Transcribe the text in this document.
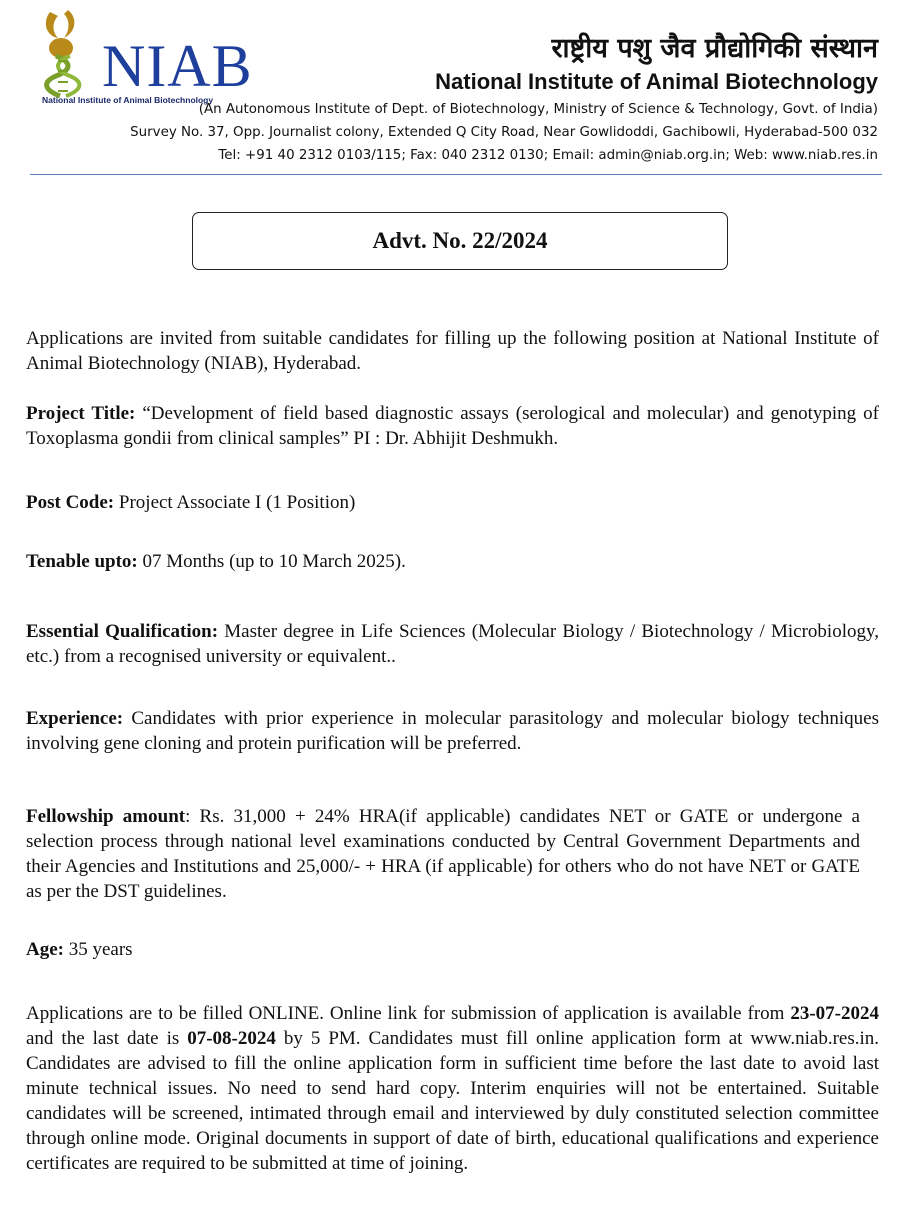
NIAB
National Institute of Animal Biotechnology
राष्ट्रीय पशु जैव प्रौद्योगिकी संस्थान
National Institute of Animal Biotechnology
(An Autonomous Institute of Dept. of Biotechnology, Ministry of Science & Technology, Govt. of India)
Survey No. 37, Opp. Journalist colony, Extended Q City Road, Near Gowlidoddi, Gachibowli, Hyderabad-500 032
Tel: +91 40 2312 0103/115; Fax: 040 2312 0130; Email: admin@niab.org.in; Web: www.niab.res.in
Advt. No. 22/2024
Applications are invited from suitable candidates for filling up the following position at National Institute of Animal Biotechnology (NIAB), Hyderabad.
Project Title: “Development of field based diagnostic assays (serological and molecular) and genotyping of Toxoplasma gondii from clinical samples” PI : Dr. Abhijit Deshmukh.
Post Code: Project Associate I (1 Position)
Tenable upto: 07 Months (up to 10 March 2025).
Essential Qualification: Master degree in Life Sciences (Molecular Biology / Biotechnology / Microbiology, etc.) from a recognised university or equivalent..
Experience: Candidates with prior experience in molecular parasitology and molecular biology techniques involving gene cloning and protein purification will be preferred.
Fellowship amount: Rs. 31,000 + 24% HRA(if applicable) candidates NET or GATE or undergone a selection process through national level examinations conducted by Central Government Departments and their Agencies and Institutions and 25,000/- + HRA (if applicable) for others who do not have NET or GATE as per the DST guidelines.
Age: 35 years
Applications are to be filled ONLINE. Online link for submission of application is available from 23-07-2024 and the last date is 07-08-2024 by 5 PM. Candidates must fill online application form at www.niab.res.in. Candidates are advised to fill the online application form in sufficient time before the last date to avoid last minute technical issues. No need to send hard copy. Interim enquiries will not be entertained. Suitable candidates will be screened, intimated through email and interviewed by duly constituted selection committee through online mode. Original documents in support of date of birth, educational qualifications and experience certificates are required to be submitted at time of joining.
